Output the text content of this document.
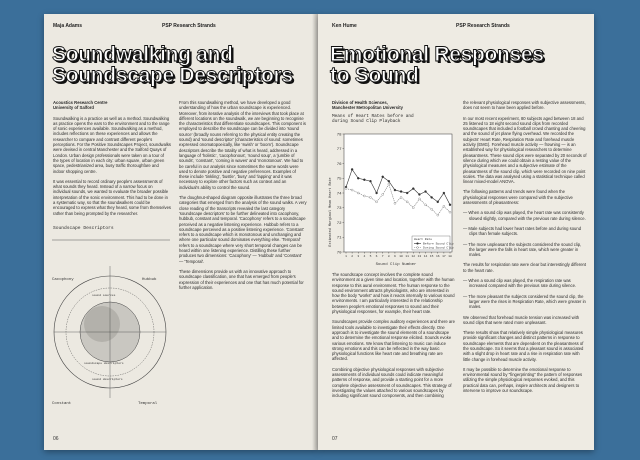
Maja Adams	PSP Research Strands
Soundwalking and
Soundscape Descriptors

Acoustics Research Centre
University of Salford

Soundwalking is a practice as well as a method. Soundwalking as practice opens the ears to the environment and to the range of sonic experiences available. Soundwalking as a method, includes reflections on these experiences and allows the researcher to compare and contrast different people's perceptions. For the Positive Soundscapes Project, soundwalks were devised in central Manchester and the Salford Quays of London. Urban design professionals were taken on a tour of the types of location in each city: urban square, urban green space, pedestrianized area, busy traffic thoroughfare and indoor shopping centre.

It was essential to record ordinary people's assessments of what sounds they heard. Instead of a narrow focus on individual sounds, we wanted to evaluate the broader possible interpretation of the sonic environment. This had to be done in a systematic way, so that the soundwalkers could be encouraged to express what they heard, some from themselves rather than being prompted by the researcher.

Soundscape Descriptors
Cacophony	Hubbub
Constant	Temporal
sound sources
soundscape descriptors
sound descriptors

From this soundwalking method, we have developed a good understanding of how the urban soundscape is experienced. Moreover, from iterative analysis of the interviews that took place at different locations on the soundwalk, we are beginning to recognise the characteristics that differentiate soundscapes. This component is employed to describe the soundscape can be divided into 'sound source' (broadly nouns referring to the physical entity creating the sound) and 'sound descriptor' (characteristics of sound: sometimes expressed onomatopoeically, like 'swish' or 'boom'). Soundscape descriptors describe the totality of what is heard, addressed in a language of 'holistic', 'cacophonous', 'sound soup', a 'jumble of sounds', 'constant', 'coming in waves' and 'monotonous'. We had to be careful in our analysis since sometimes the same words were used to denote positive and negative preferences. Examples of these include 'tinkling', 'bustle', 'busy' and 'lapping' and it was necessary to explore other factors such as context and an individual's ability to control the sound.

The doughnut-shaped diagram opposite illustrates the three broad categories that emerged from the analysis of the sound walks. A very close reading of the transcripts revealed the last category 'soundscape descriptors' to be further delineated into cacophony, hubbub, constant and temporal. 'Cacophony' refers to a soundscape perceived as a negative listening experience. Hubbub refers to a soundscape perceived as a positive listening experience. 'Constant' refers to a soundscape which is monotonous and unchanging and where one particular sound dominates everything else. 'Temporal' refers to a soundscape where very short temporal changes can be heard within one listening experience. Distilling these further produces two dimensions: 'Cacophony' — 'Hubbub' and 'Constant' — 'Temporal'.

These dimensions provide us with an innovative approach to soundscape classification, one that has emerged from people's expression of their experiences and one that has much potential for further application.

06
Ken Hume	PSP Research Strands
Emotional Responses
to Sound
Division of Health Sciences,
Manchester Metropolitan University
Means of Heart Rates before and
during Sound Clip Playback
Estimated Marginal Mean Heart Rate
Sound Clip Number
70
71
72
73
74
75
76
77
78
1 2 3 4 5 6 7 8 9 10 11 12 13 14 15 16 17 18
Heart Rate
Before Sound Clip
During Sound Clip

The soundscape concept involves the complete sound environment at a given time and location, together with the human response to this aural environment. The human response to the sound environment attracts physiologists, who are interested in how the body "works" and how it reacts internally to various sound environments. I am particularly interested in the relationship between people's emotional responses to sound and their physiological responses, for example, their heart rate.

Soundscapes provide complex auditory experiences and there are limited tools available to investigate their effects directly. One approach is to investigate the sound elements of a soundscape and to determine the emotional response elicited. Sounds evoke various emotions. We know that listening to music can induce strong emotions and this can be reflected in the way basic physiological functions like heart rate and breathing rate are affected.

Combining objective physiological responses with subjective assessments of individual sounds could indicate meaningful patterns of response, and provide a starting point for a more complete objective assessment of soundscapes. This strategy of investigating the values attached to various soundscapes by including significant sound components, and then combining

the relevant physiological responses with subjective assessments, does not seem to have been applied before.

In our most recent experiment, 80 subjects aged between 18 and 25 listened to 18 eight second sound clips from recorded soundscapes that included a football crowd chanting and cheering and the sound of jet plane flying overhead. We recorded the subjects' Heart Rate, Respiration Rate and forehead muscle activity (EMG). Forehead muscle activity — frowning — is an established way for physiological researchers to determine pleasantness. These sound clips were separated by 20 seconds of silence during which we could obtain a resting value of the physiological measures and a subjective estimate of the pleasantness of the sound clip, which were recorded on nine point scales. The data was analysed using a statistical technique called linear mixed-model ANOVA.

The following patterns and trends were found when the physiological responses were compared with the subjective assessments of pleasantness:

— When a sound clip was played, the heart rate was consistently slowed slightly, compared with the previous rate during silence.

— Male subjects had lower heart rates before and during sound clips than female subjects.

— The more unpleasant the subjects considered the sound clip, the larger were the falls in heart rate, which were greater in males.

The results for respiration rate were clear but interestingly different to the heart rate.

— When a sound clip was played, the respiration rate was increased compared with the previous rate during silence.

— The more pleasant the subjects considered the sound clip, the larger were the rises in Respiration Rate, which were greater in males.

We observed that forehead muscle tension was increased with sound clips that were rated more unpleasant.

These results show that relatively simple physiological measures provide significant changes and distinct patterns in response to soundscape elements that are dependent on the pleasantness of the soundscape. So it seems that a pleasant sound is associated with a slight drop in heart rate and a rise in respiration rate with little change in forehead muscle activity.

It may be possible to determine the emotional response to environmental sound by "fingerprinting" the pattern of responses utilizing the simple physiological responses evoked, and this practical data can, perhaps, inspire architects and designers to intervene to improve our soundscape.

07
